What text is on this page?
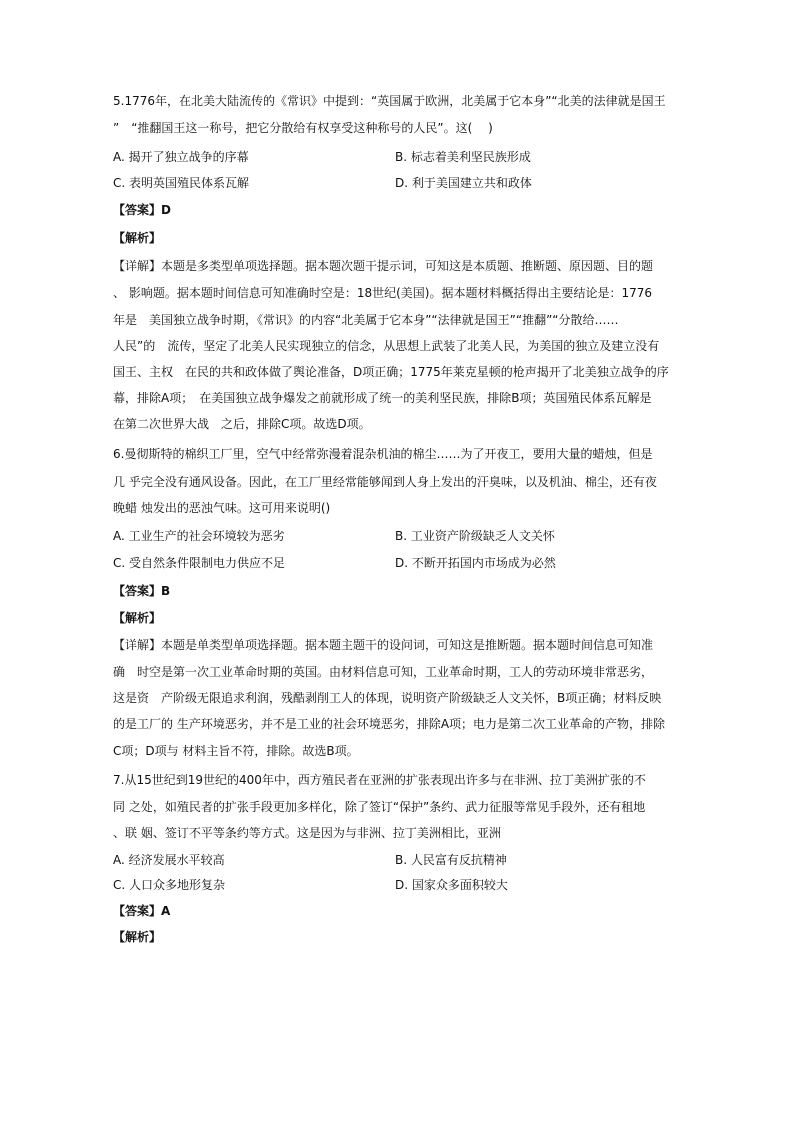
5.1776年，在北美大陆流传的《常识》中提到：“英国属于欧洲，北美属于它本身”“北美的法律就是国王
”　“推翻国王这一称号，把它分散给有权享受这种称号的人民”。这(　 )
A. 揭开了独立战争的序幕	B. 标志着美利坚民族形成
C. 表明英国殖民体系瓦解	D. 利于美国建立共和政体
【答案】D
【解析】
【详解】本题是多类型单项选择题。据本题次题干提示词，可知这是本质题、推断题、原因题、目的题
、 影响题。据本题时间信息可知准确时空是：18世纪(美国)。据本题材料概括得出主要结论是：1776
年是　美国独立战争时期，《常识》的内容“北美属于它本身”“法律就是国王”“推翻”“分散给……
人民”的　流传，坚定了北美人民实现独立的信念，从思想上武装了北美人民，为美国的独立及建立没有
国王、主权　在民的共和政体做了舆论准备，D项正确；1775年莱克星顿的枪声揭开了北美独立战争的序
幕，排除A项；　在美国独立战争爆发之前就形成了统一的美利坚民族，排除B项；英国殖民体系瓦解是
在第二次世界大战　之后，排除C项。故选D项。
6.曼彻斯特的棉织工厂里，空气中经常弥漫着混杂机油的棉尘……为了开夜工，要用大量的蜡烛，但是
几 乎完全没有通风设备。因此，在工厂里经常能够闻到人身上发出的汗臭味，以及机油、棉尘，还有夜
晚蜡 烛发出的恶浊气味。这可用来说明()
A. 工业生产的社会环境较为恶劣	B. 工业资产阶级缺乏人文关怀
C. 受自然条件限制电力供应不足	D. 不断开拓国内市场成为必然
【答案】B
【解析】
【详解】本题是单类型单项选择题。据本题主题干的设问词，可知这是推断题。据本题时间信息可知准
确　时空是第一次工业革命时期的英国。由材料信息可知，工业革命时期，工人的劳动环境非常恶劣，
这是资　产阶级无限追求利润，残酷剥削工人的体现，说明资产阶级缺乏人文关怀，B项正确；材料反映
的是工厂的 生产环境恶劣，并不是工业的社会环境恶劣，排除A项；电力是第二次工业革命的产物，排除
C项；D项与 材料主旨不符，排除。故选B项。
7.从15世纪到19世纪的400年中，西方殖民者在亚洲的扩张表现出许多与在非洲、拉丁美洲扩张的不
同 之处，如殖民者的扩张手段更加多样化，除了签订“保护”条约、武力征服等常见手段外，还有租地
、联 姻、签订不平等条约等方式。这是因为与非洲、拉丁美洲相比，亚洲
A. 经济发展水平较高	B. 人民富有反抗精神
C. 人口众多地形复杂	D. 国家众多面积较大
【答案】A
【解析】
